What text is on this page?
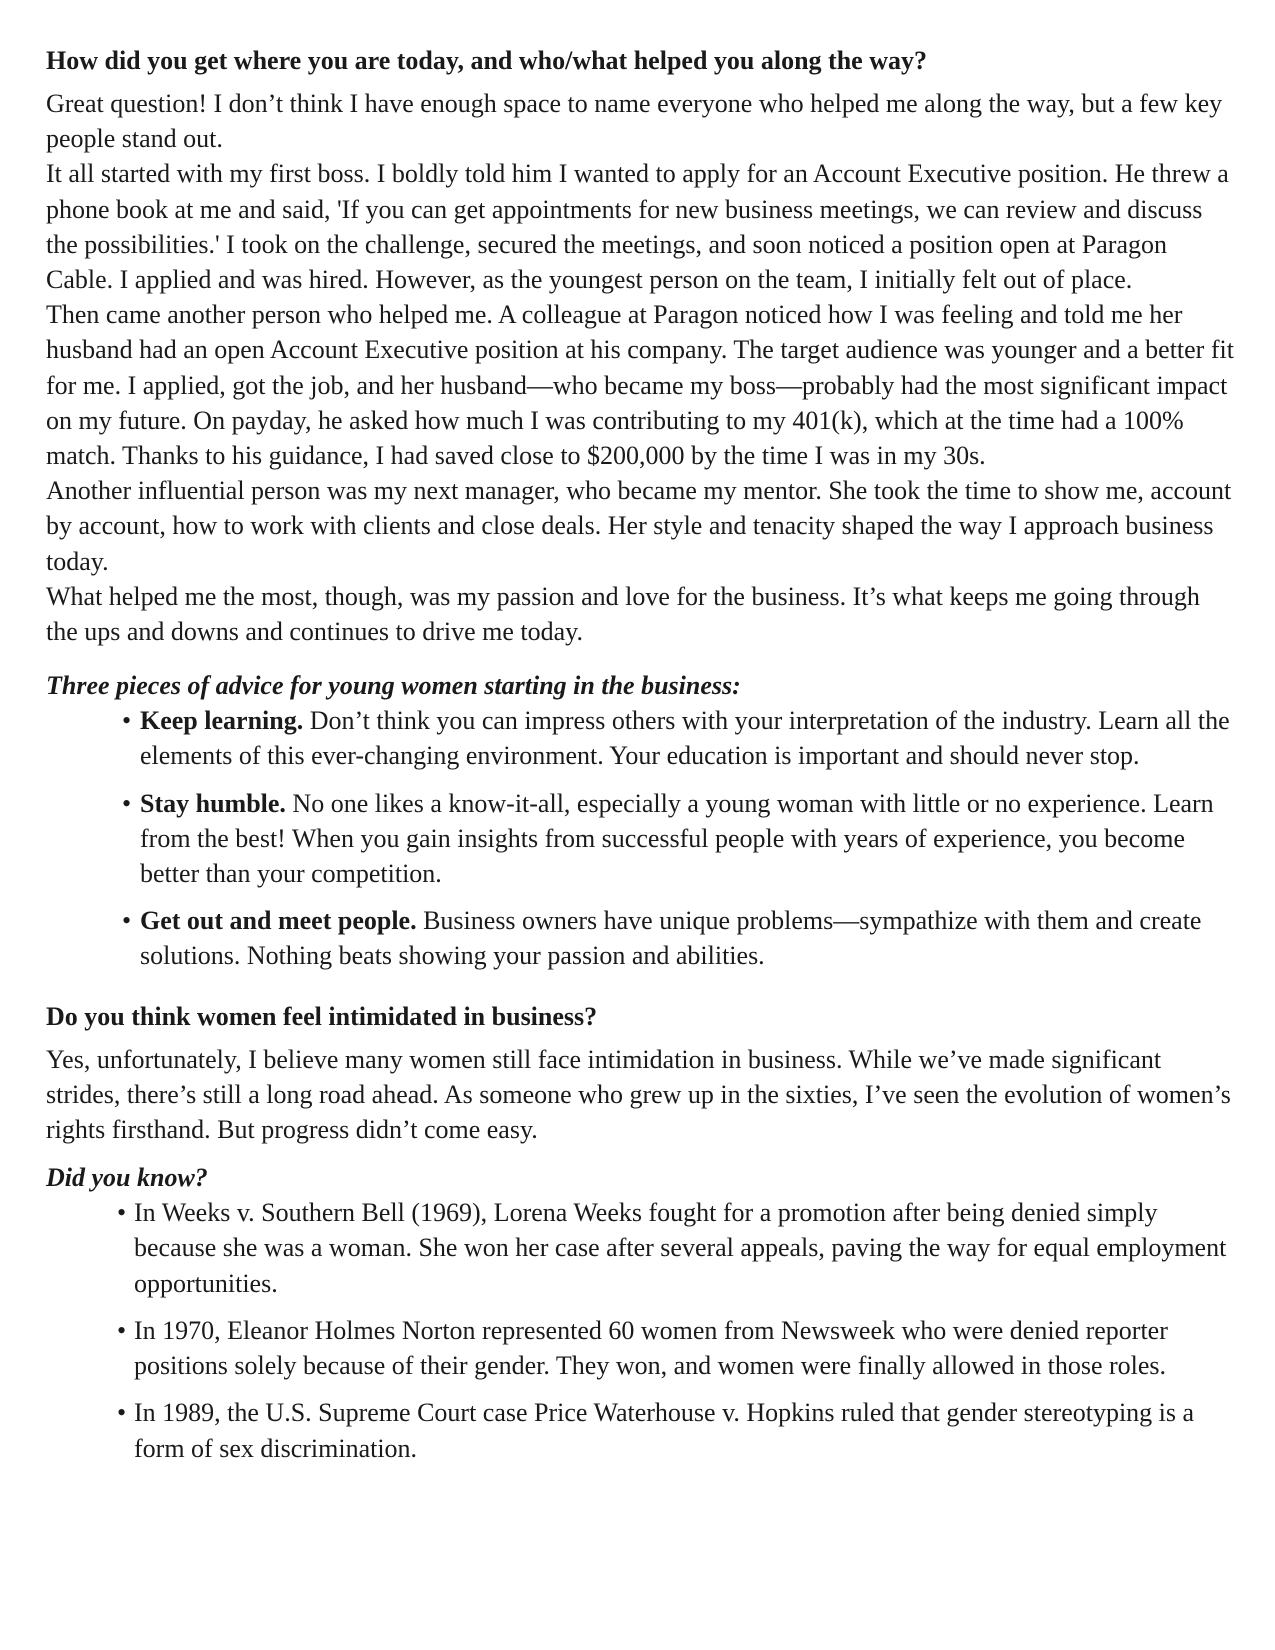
How did you get where you are today, and who/what helped you along the way?

Great question! I don’t think I have enough space to name everyone who helped me along the way, but a few key people stand out.

It all started with my first boss. I boldly told him I wanted to apply for an Account Executive position. He threw a phone book at me and said, 'If you can get appointments for new business meetings, we can review and discuss the possibilities.' I took on the challenge, secured the meetings, and soon noticed a position open at Paragon Cable. I applied and was hired. However, as the youngest person on the team, I initially felt out of place.

Then came another person who helped me. A colleague at Paragon noticed how I was feeling and told me her husband had an open Account Executive position at his company. The target audience was younger and a better fit for me. I applied, got the job, and her husband—who became my boss—probably had the most significant impact on my future. On payday, he asked how much I was contributing to my 401(k), which at the time had a 100% match. Thanks to his guidance, I had saved close to $200,000 by the time I was in my 30s.

Another influential person was my next manager, who became my mentor. She took the time to show me, account by account, how to work with clients and close deals. Her style and tenacity shaped the way I approach business today.

What helped me the most, though, was my passion and love for the business. It’s what keeps me going through the ups and downs and continues to drive me today.

Three pieces of advice for young women starting in the business:
• Keep learning. Don’t think you can impress others with your interpretation of the industry. Learn all the elements of this ever-changing environment. Your education is important and should never stop.
• Stay humble. No one likes a know-it-all, especially a young woman with little or no experience. Learn from the best! When you gain insights from successful people with years of experience, you become better than your competition.
• Get out and meet people. Business owners have unique problems—sympathize with them and create solutions. Nothing beats showing your passion and abilities.
Do you think women feel intimidated in business?

Yes, unfortunately, I believe many women still face intimidation in business. While we’ve made significant strides, there’s still a long road ahead. As someone who grew up in the sixties, I’ve seen the evolution of women’s rights firsthand. But progress didn’t come easy.

Did you know?
• In Weeks v. Southern Bell (1969), Lorena Weeks fought for a promotion after being denied simply because she was a woman. She won her case after several appeals, paving the way for equal employment opportunities.
• In 1970, Eleanor Holmes Norton represented 60 women from Newsweek who were denied reporter positions solely because of their gender. They won, and women were finally allowed in those roles.
• In 1989, the U.S. Supreme Court case Price Waterhouse v. Hopkins ruled that gender stereotyping is a form of sex discrimination.
